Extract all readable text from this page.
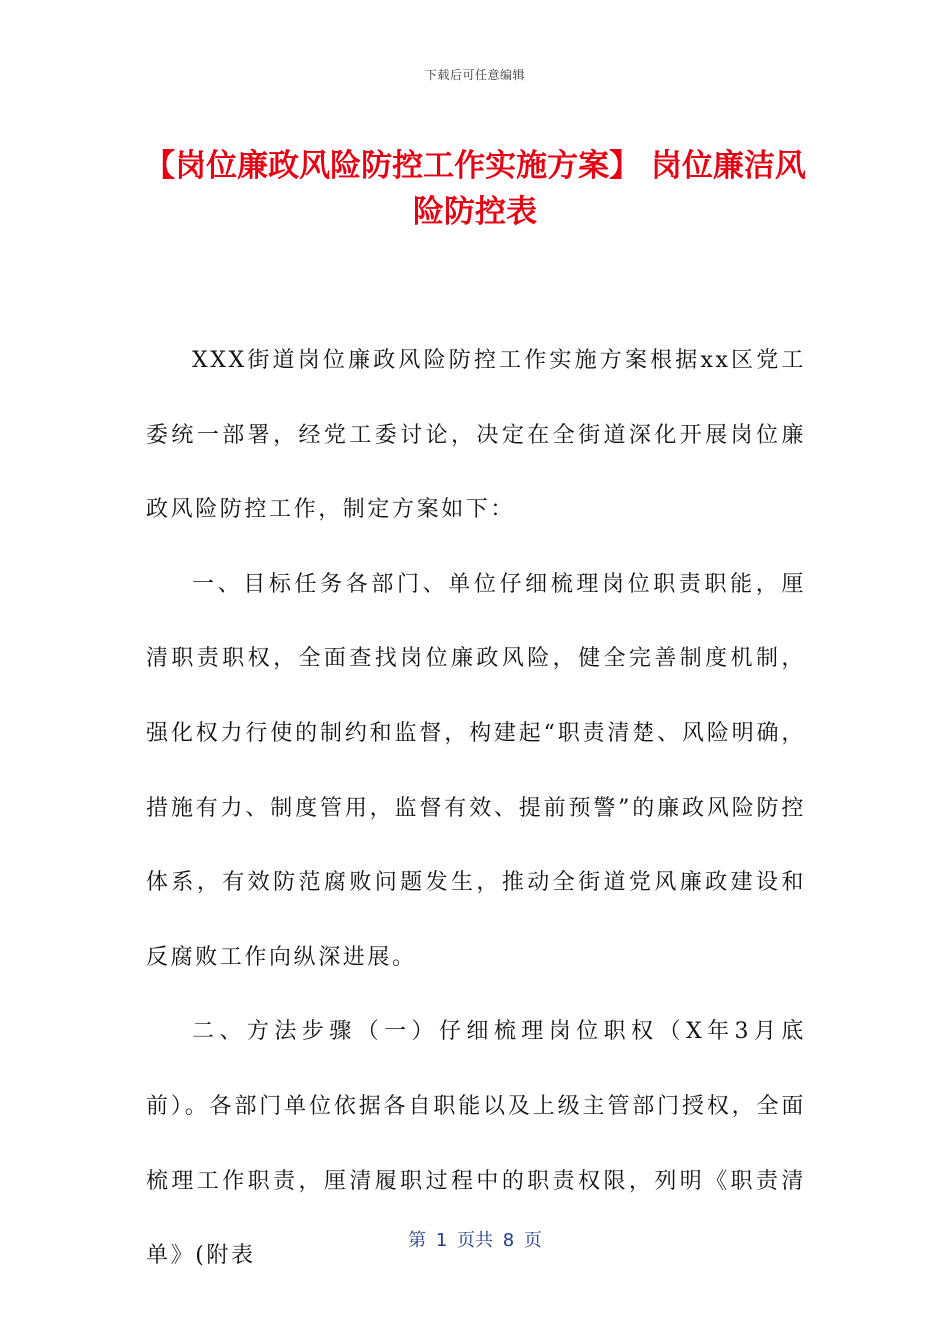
下载后可任意编辑
【岗位廉政风险防控工作实施方案】 岗位廉洁风险防控表

XXX街道岗位廉政风险防控工作实施方案根据xx区党工委统一部署，经党工委讨论，决定在全街道深化开展岗位廉政风险防控工作，制定方案如下：

一、目标任务各部门、单位仔细梳理岗位职责职能，厘清职责职权，全面查找岗位廉政风险，健全完善制度机制，强化权力行使的制约和监督，构建起“职责清楚、风险明确，措施有力、制度管用，监督有效、提前预警”的廉政风险防控体系，有效防范腐败问题发生，推动全街道党风廉政建设和反腐败工作向纵深进展。

二、方法步骤（一）仔细梳理岗位职权（X年3月底前）。各部门单位依据各自职能以及上级主管部门授权，全面梳理工作职责，厘清履职过程中的职责权限，列明《职责清单》(附表

第 1 页共 8 页
